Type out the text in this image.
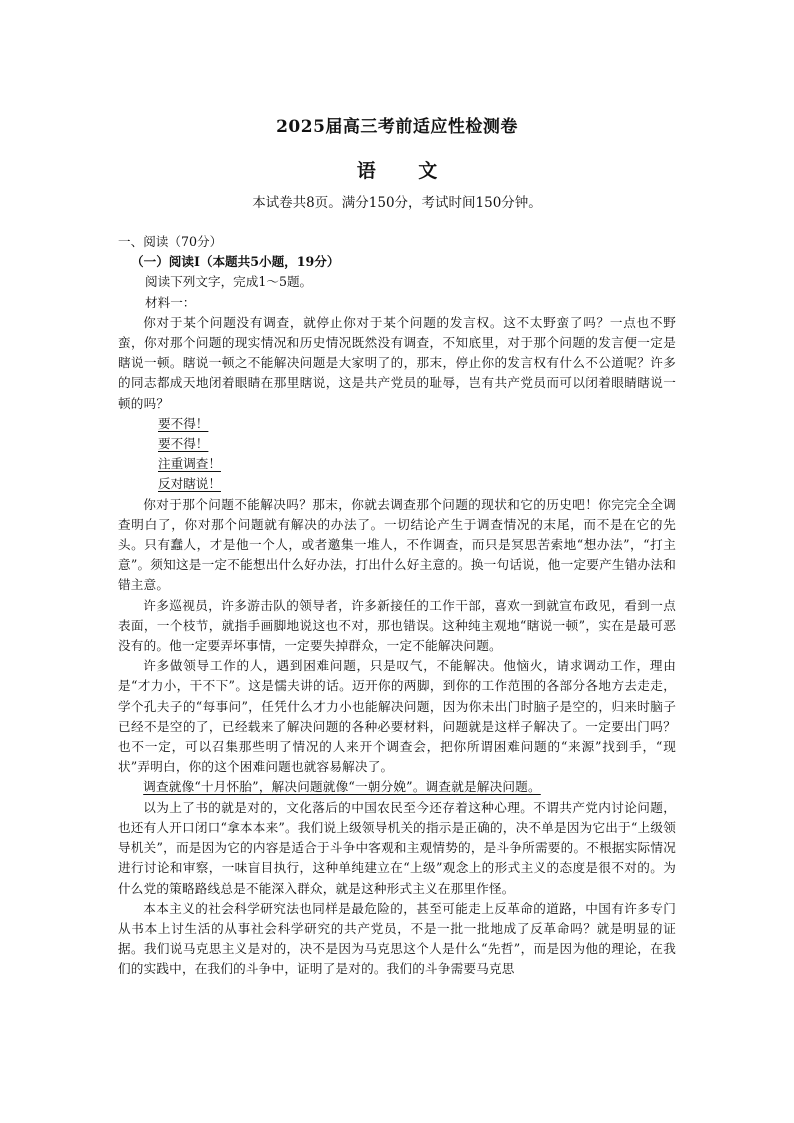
2025届高三考前适应性检测卷
语 文
本试卷共8页。满分150分，考试时间150分钟。

一、阅读（70分）

（一）阅读Ⅰ（本题共5小题，19分）

阅读下列文字，完成1～5题。

材料一：

你对于某个问题没有调查，就停止你对于某个问题的发言权。这不太野蛮了吗？一点也不野蛮，你对那个问题的现实情况和历史情况既然没有调查，不知底里，对于那个问题的发言便一定是瞎说一顿。瞎说一顿之不能解决问题是大家明了的，那末，停止你的发言权有什么不公道呢？许多的同志都成天地闭着眼睛在那里瞎说，这是共产党员的耻辱，岂有共产党员而可以闭着眼睛瞎说一顿的吗？

要不得！

要不得！

注重调查！

反对瞎说！

你对于那个问题不能解决吗？那末，你就去调查那个问题的现状和它的历史吧！你完完全全调查明白了，你对那个问题就有解决的办法了。一切结论产生于调查情况的末尾，而不是在它的先头。只有蠢人，才是他一个人，或者邀集一堆人，不作调查，而只是冥思苦索地“想办法”，“打主意”。须知这是一定不能想出什么好办法，打出什么好主意的。换一句话说，他一定要产生错办法和错主意。

许多巡视员，许多游击队的领导者，许多新接任的工作干部，喜欢一到就宣布政见，看到一点表面，一个枝节，就指手画脚地说这也不对，那也错误。这种纯主观地“瞎说一顿”，实在是最可恶没有的。他一定要弄坏事情，一定要失掉群众，一定不能解决问题。

许多做领导工作的人，遇到困难问题，只是叹气，不能解决。他恼火，请求调动工作，理由是“才力小，干不下”。这是懦夫讲的话。迈开你的两脚，到你的工作范围的各部分各地方去走走，学个孔夫子的“每事问”，任凭什么才力小也能解决问题，因为你未出门时脑子是空的，归来时脑子已经不是空的了，已经载来了解决问题的各种必要材料，问题就是这样子解决了。一定要出门吗？也不一定，可以召集那些明了情况的人来开个调查会，把你所谓困难问题的“来源”找到手，“现状”弄明白，你的这个困难问题也就容易解决了。

调查就像“十月怀胎”，解决问题就像“一朝分娩”。调查就是解决问题。

以为上了书的就是对的，文化落后的中国农民至今还存着这种心理。不谓共产党内讨论问题，也还有人开口闭口“拿本本来”。我们说上级领导机关的指示是正确的，决不单是因为它出于“上级领导机关”，而是因为它的内容是适合于斗争中客观和主观情势的，是斗争所需要的。不根据实际情况进行讨论和审察，一味盲目执行，这种单纯建立在“上级”观念上的形式主义的态度是很不对的。为什么党的策略路线总是不能深入群众，就是这种形式主义在那里作怪。

本本主义的社会科学研究法也同样是最危险的，甚至可能走上反革命的道路，中国有许多专门从书本上讨生活的从事社会科学研究的共产党员，不是一批一批地成了反革命吗？就是明显的证据。我们说马克思主义是对的，决不是因为马克思这个人是什么“先哲”，而是因为他的理论，在我们的实践中，在我们的斗争中，证明了是对的。我们的斗争需要马克思
